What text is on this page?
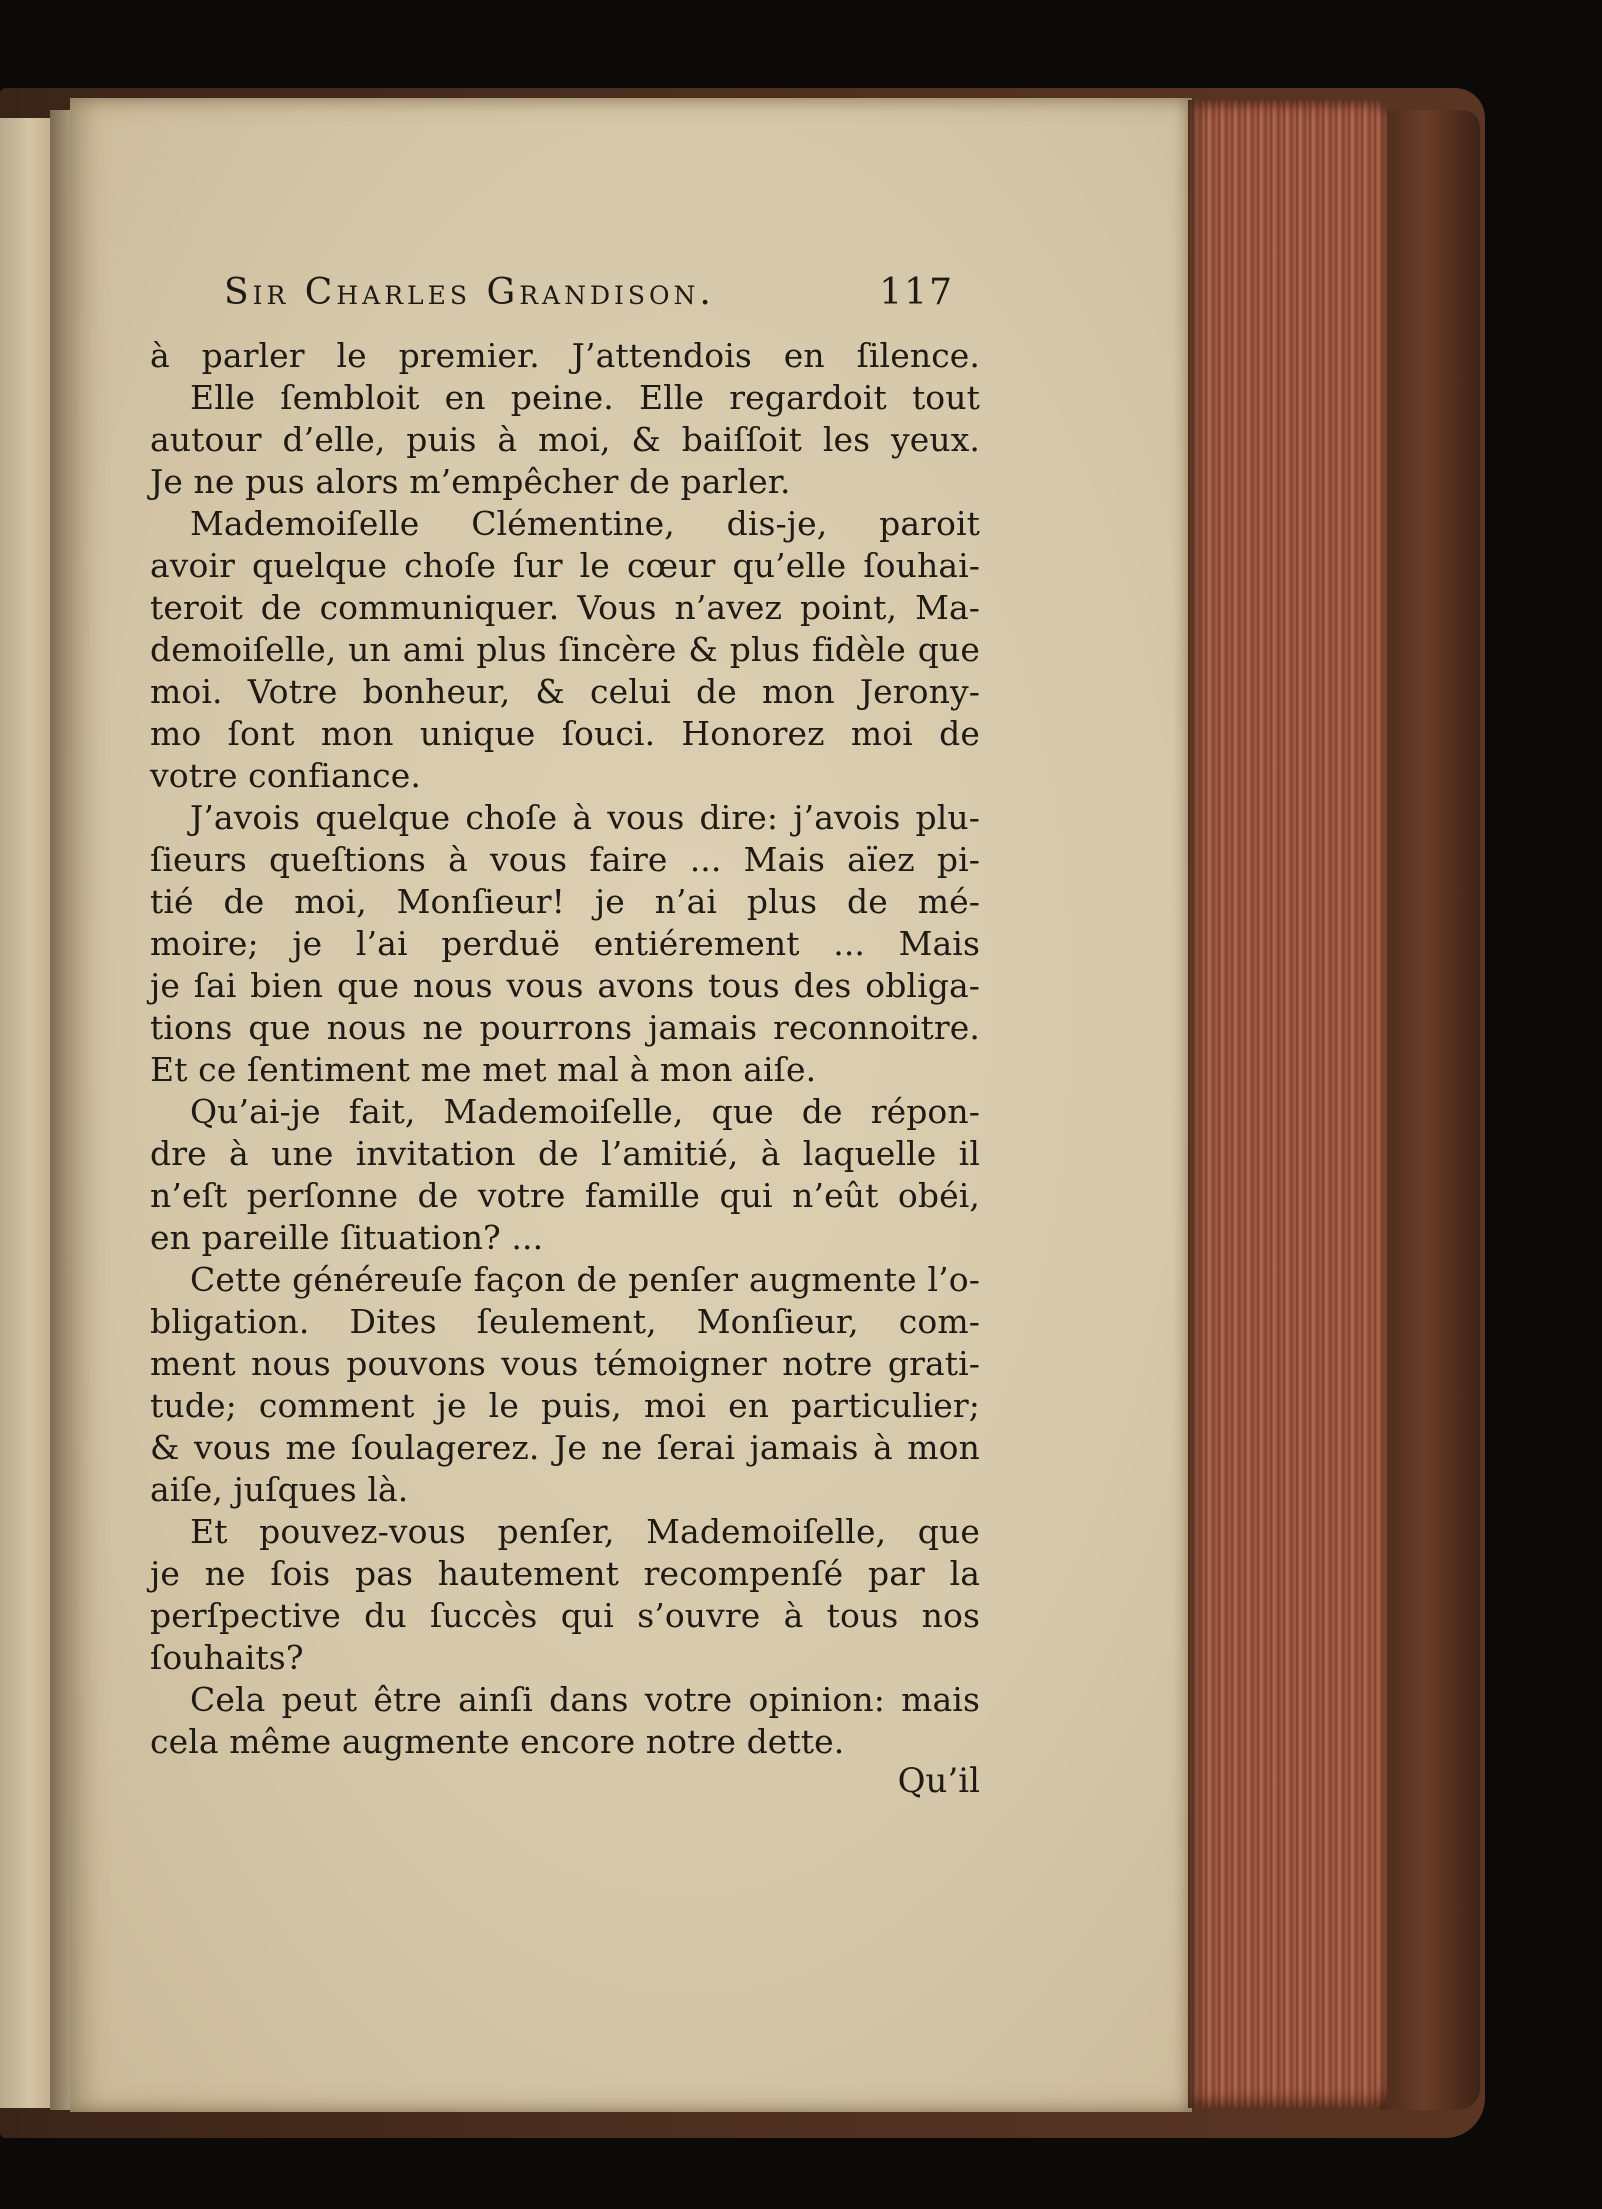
Sir Charles Grandison.	117
à parler le premier. J’attendois en ſilence.
Elle ſembloit en peine. Elle regardoit tout
autour d’elle, puis à moi, & baiſſoit les yeux.
Je ne pus alors m’empêcher de parler.
Mademoiſelle Clémentine, dis-je, paroit
avoir quelque choſe ſur le cœur qu’elle ſouhai-
teroit de communiquer. Vous n’avez point, Ma-
demoiſelle, un ami plus ſincère & plus fidèle que
moi. Votre bonheur, & celui de mon Jerony-
mo ſont mon unique ſouci. Honorez moi de
votre confiance.
J’avois quelque choſe à vous dire: j’avois plu-
ſieurs queſtions à vous faire ... Mais aïez pi-
tié de moi, Monſieur! je n’ai plus de mé-
moire; je l’ai perduë entiérement ... Mais
je ſai bien que nous vous avons tous des obliga-
tions que nous ne pourrons jamais reconnoitre.
Et ce ſentiment me met mal à mon aiſe.
Qu’ai-je fait, Mademoiſelle, que de répon-
dre à une invitation de l’amitié, à laquelle il
n’eſt perſonne de votre famille qui n’eût obéi,
en pareille ſituation? ...
Cette généreuſe façon de penſer augmente l’o-
bligation. Dites ſeulement, Monſieur, com-
ment nous pouvons vous témoigner notre grati-
tude; comment je le puis, moi en particulier;
& vous me ſoulagerez. Je ne ſerai jamais à mon
aiſe, juſques là.
Et pouvez-vous penſer, Mademoiſelle, que
je ne ſois pas hautement recompenſé par la
perſpective du ſuccès qui s’ouvre à tous nos
ſouhaits?
Cela peut être ainſi dans votre opinion: mais
cela même augmente encore notre dette.
Qu’il
